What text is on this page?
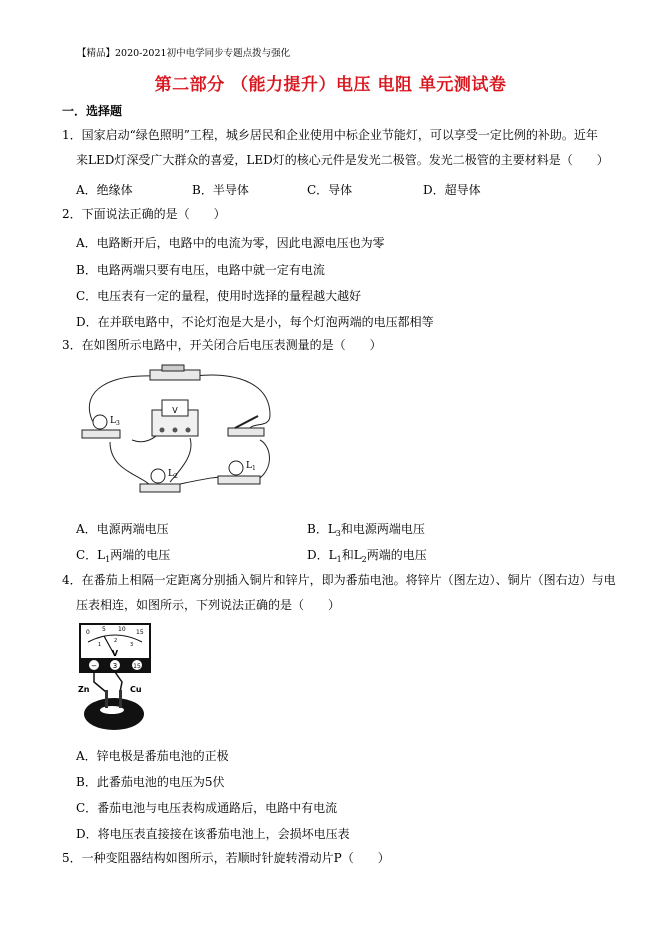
【精品】2020-2021初中电学同步专题点拨与强化
第二部分 （能力提升）电压 电阻 单元测试卷
一．选择题
1．国家启动“绿色照明”工程，城乡居民和企业使用中标企业节能灯，可以享受一定比例的补助。近年
来LED灯深受广大群众的喜爱，LED灯的核心元件是发光二极管。发光二极管的主要材料是（　　）
A．绝缘体	B．半导体	C．导体	D．超导体
2．下面说法正确的是（　　）
A．电路断开后，电路中的电流为零，因此电源电压也为零
B．电路两端只要有电压，电路中就一定有电流
C．电压表有一定的量程，使用时选择的量程越大越好
D．在并联电路中，不论灯泡是大是小，每个灯泡两端的电压都相等
3．在如图所示电路中，开关闭合后电压表测量的是（　　）
V
$L_3$
$L_2$
$L_1$
A．电源两端电压	B．$L_3$和电源两端电压
C．$L_1$两端的电压	D．$L_1$和$L_2$两端的电压
4．在番茄上相隔一定距离分别插入铜片和锌片，即为番茄电池。将锌片（图左边）、铜片（图右边）与电
压表相连，如图所示，下列说法正确的是（　　）
0 5 10 15
1
2
3
V
− 3	15
Zn	Cu
A．锌电极是番茄电池的正极
B．此番茄电池的电压为5伏
C．番茄电池与电压表构成通路后，电路中有电流
D．将电压表直接接在该番茄电池上，会损坏电压表
5．一种变阻器结构如图所示，若顺时针旋转滑动片P（　　）
